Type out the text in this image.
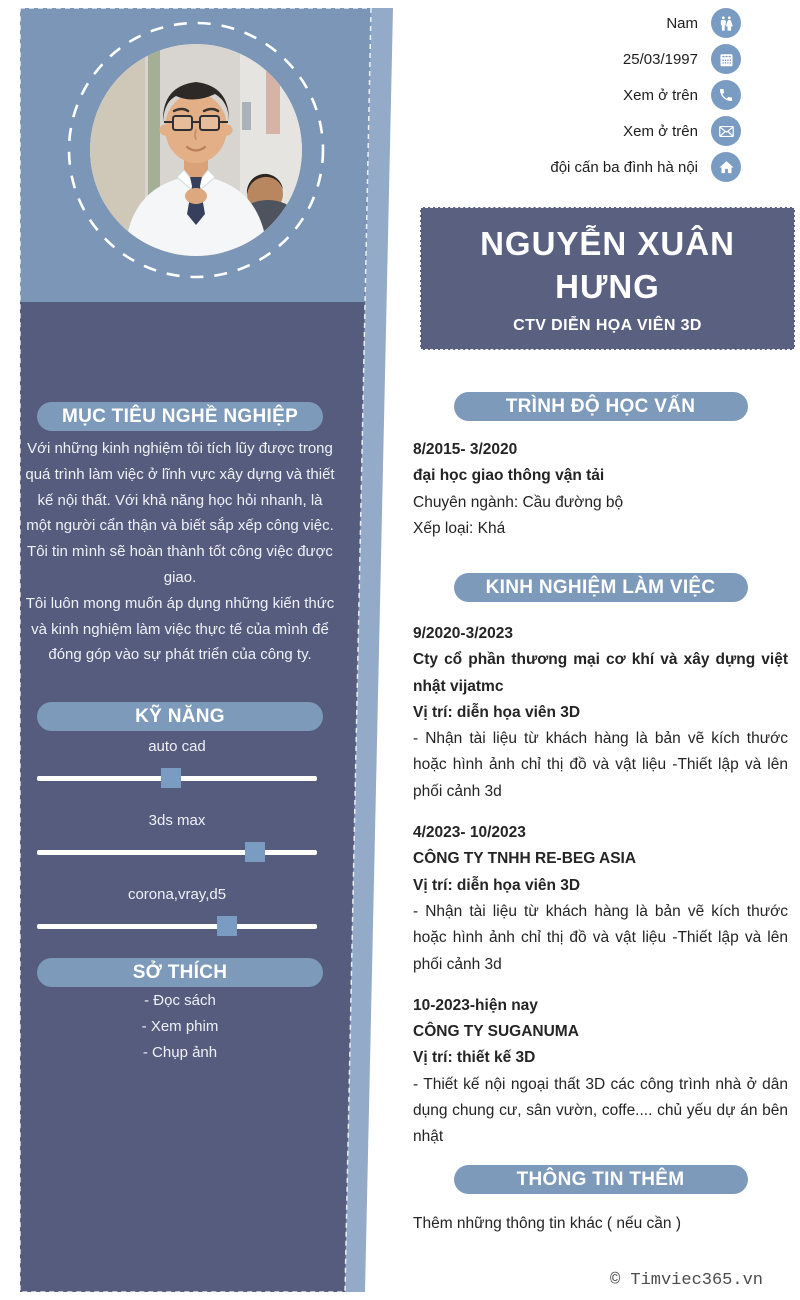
MỤC TIÊU NGHỀ NGHIỆP

Với những kinh nghiệm tôi tích lũy được trong quá trình làm việc ở lĩnh vực xây dựng và thiết kế nội thất. Với khả năng học hỏi nhanh, là một người cẩn thận và biết sắp xếp công việc. Tôi tin mình sẽ hoàn thành tốt công việc được giao.

Tôi luôn mong muốn áp dụng những kiến thức và kinh nghiệm làm việc thực tế của mình để đóng góp vào sự phát triển của công ty.

KỸ NĂNG
auto cad
3ds max
corona,vray,d5
SỞ THÍCH
- Đọc sách
- Xem phim
- Chụp ảnh
Nam
25/03/1997
Xem ở trên
Xem ở trên
đội cấn ba đình hà nội
NGUYỄN XUÂN HƯNG
CTV DIỄN HỌA VIÊN 3D
TRÌNH ĐỘ HỌC VẤN
8/2015- 3/2020
đại học giao thông vận tải
Chuyên ngành: Cầu đường bộ
Xếp loại: Khá
KINH NGHIỆM LÀM VIỆC
9/2020-3/2023
Cty cổ phần thương mại cơ khí và xây dựng việt nhật vijatmc
Vị trí: diễn họa viên 3D
- Nhận tài liệu từ khách hàng là bản vẽ kích thước hoặc hình ảnh chỉ thị đồ và vật liệu -Thiết lập và lên phối cảnh 3d
4/2023- 10/2023
CÔNG TY TNHH RE-BEG ASIA
Vị trí: diễn họa viên 3D
- Nhận tài liệu từ khách hàng là bản vẽ kích thước hoặc hình ảnh chỉ thị đồ và vật liệu -Thiết lập và lên phối cảnh 3d
10-2023-hiện nay
CÔNG TY SUGANUMA
Vị trí: thiết kế 3D
- Thiết kế nội ngoại thất 3D các công trình nhà ở dân dụng chung cư, sân vườn, coffe.... chủ yếu dự án bên nhật
THÔNG TIN THÊM
Thêm những thông tin khác ( nếu cần )
© Timviec365.vn
